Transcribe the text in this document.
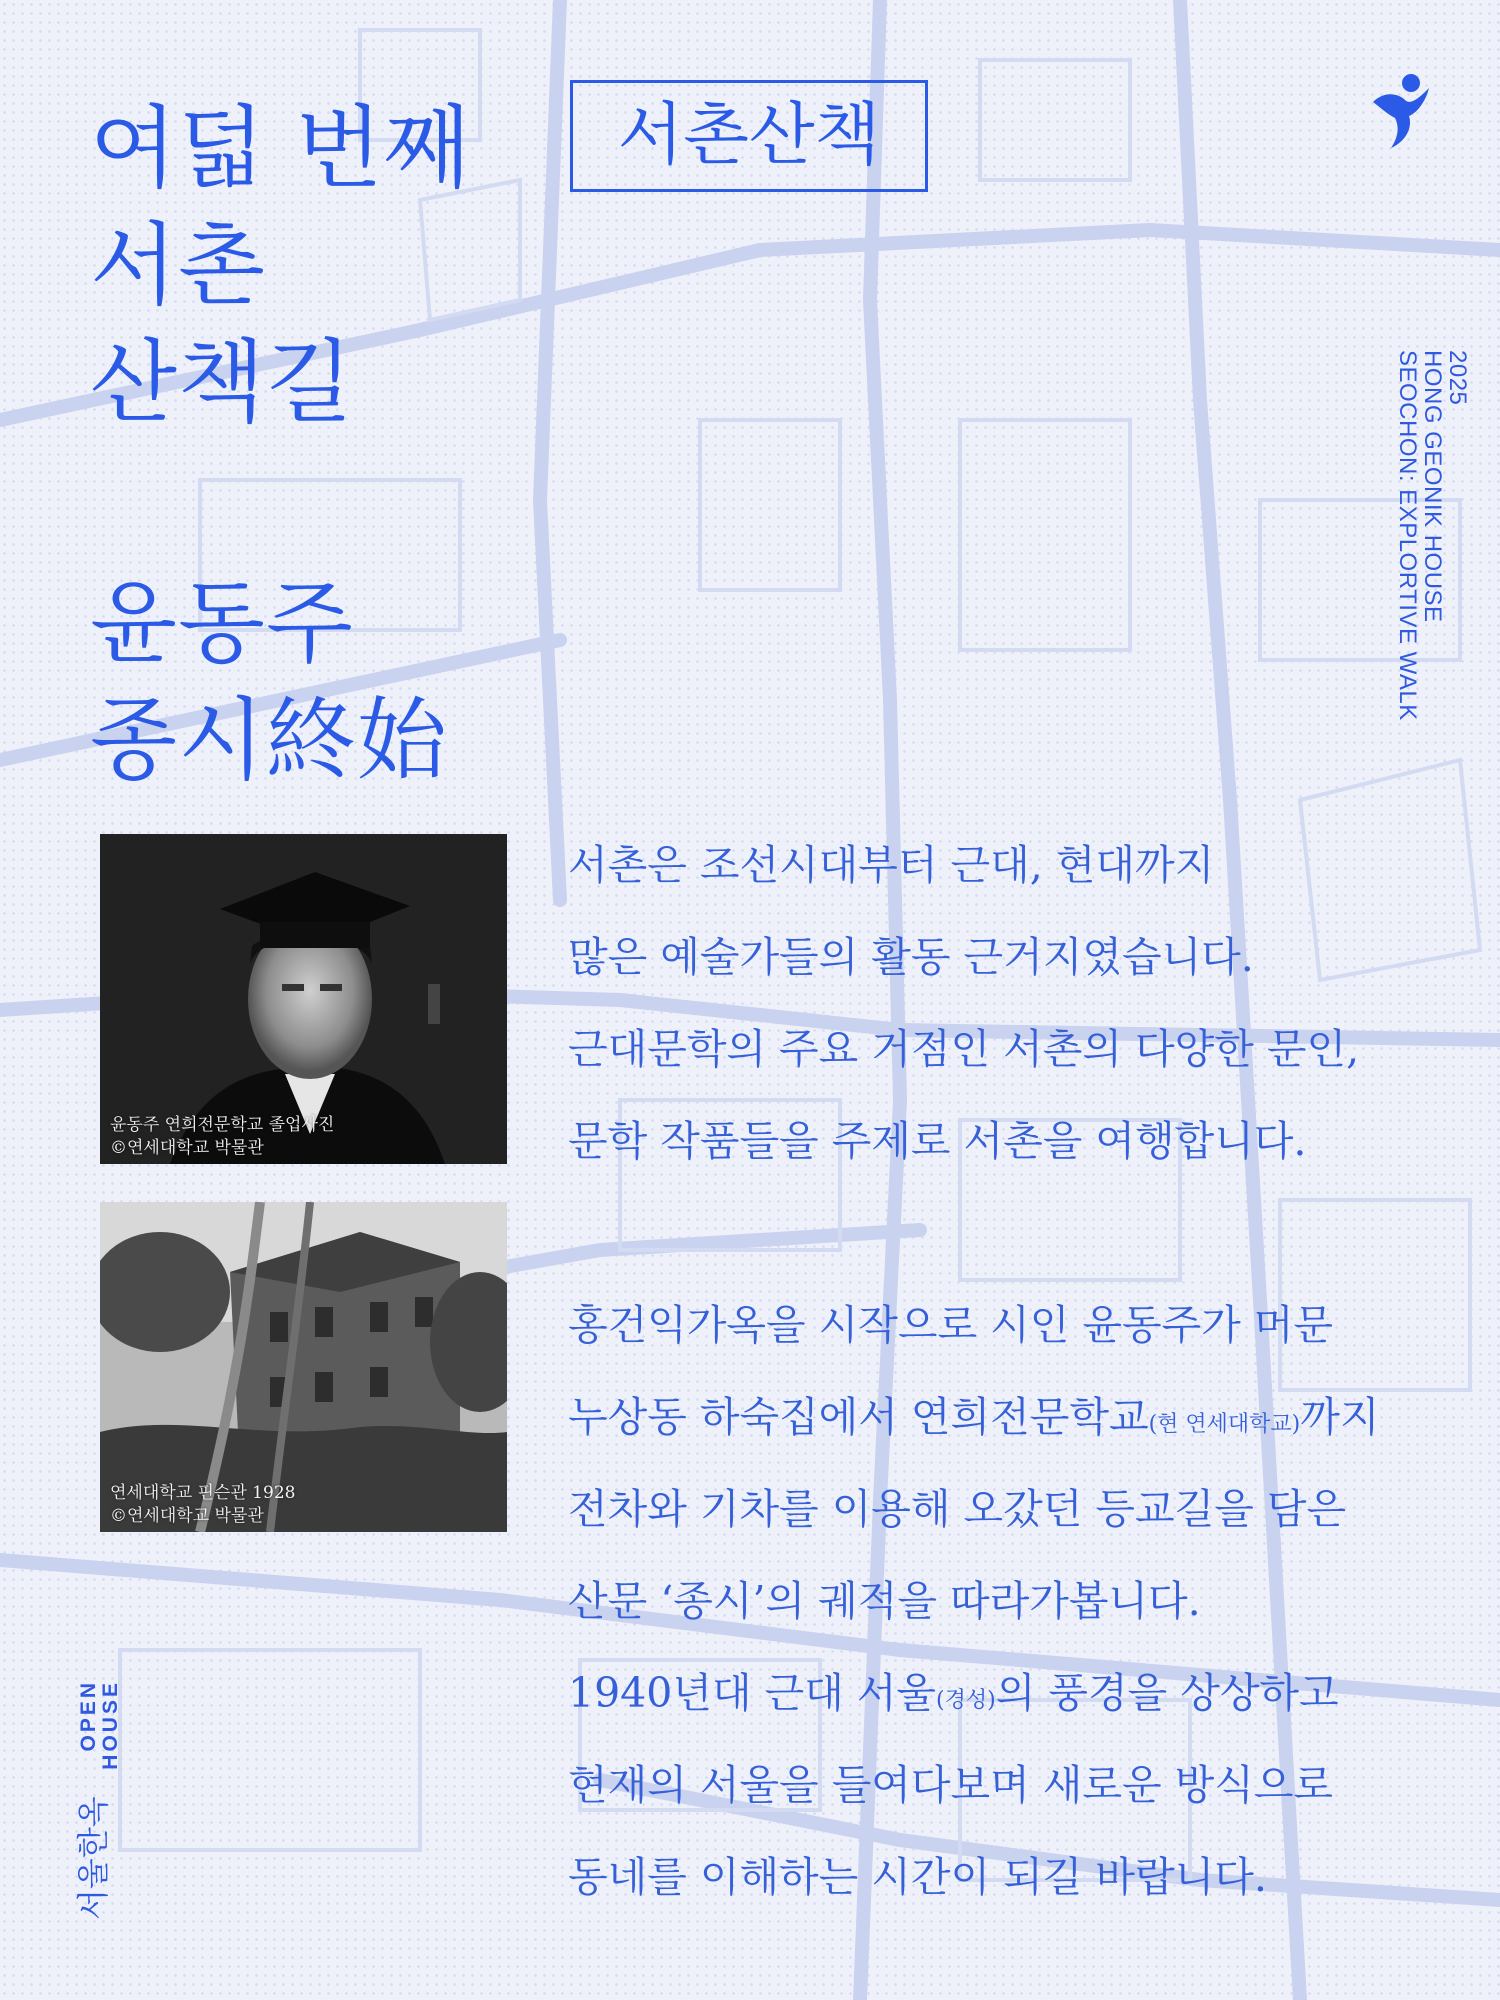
여덟 번째
서촌
산책길
서촌산책
2025
HONG GEONIK HOUSE
SEOCHON: EXPLORTIVE WALK
윤동주
종시終始
윤동주 연희전문학교 졸업사진
©연세대학교 박물관
연세대학교 핀슨관 1928
©연세대학교 박물관
서촌은 조선시대부터 근대, 현대까지
많은 예술가들의 활동 근거지였습니다.
근대문학의 주요 거점인 서촌의 다양한 문인,
문학 작품들을 주제로 서촌을 여행합니다.
홍건익가옥을 시작으로 시인 윤동주가 머문
누상동 하숙집에서 연희전문학교(현 연세대학교)까지
전차와 기차를 이용해 오갔던 등교길을 담은
산문 ‘종시’의 궤적을 따라가봅니다.
1940년대 근대 서울(경성)의 풍경을 상상하고
현재의 서울을 들여다보며 새로운 방식으로
동네를 이해하는 시간이 되길 바랍니다.
OPEN HOUSE
서울한옥
